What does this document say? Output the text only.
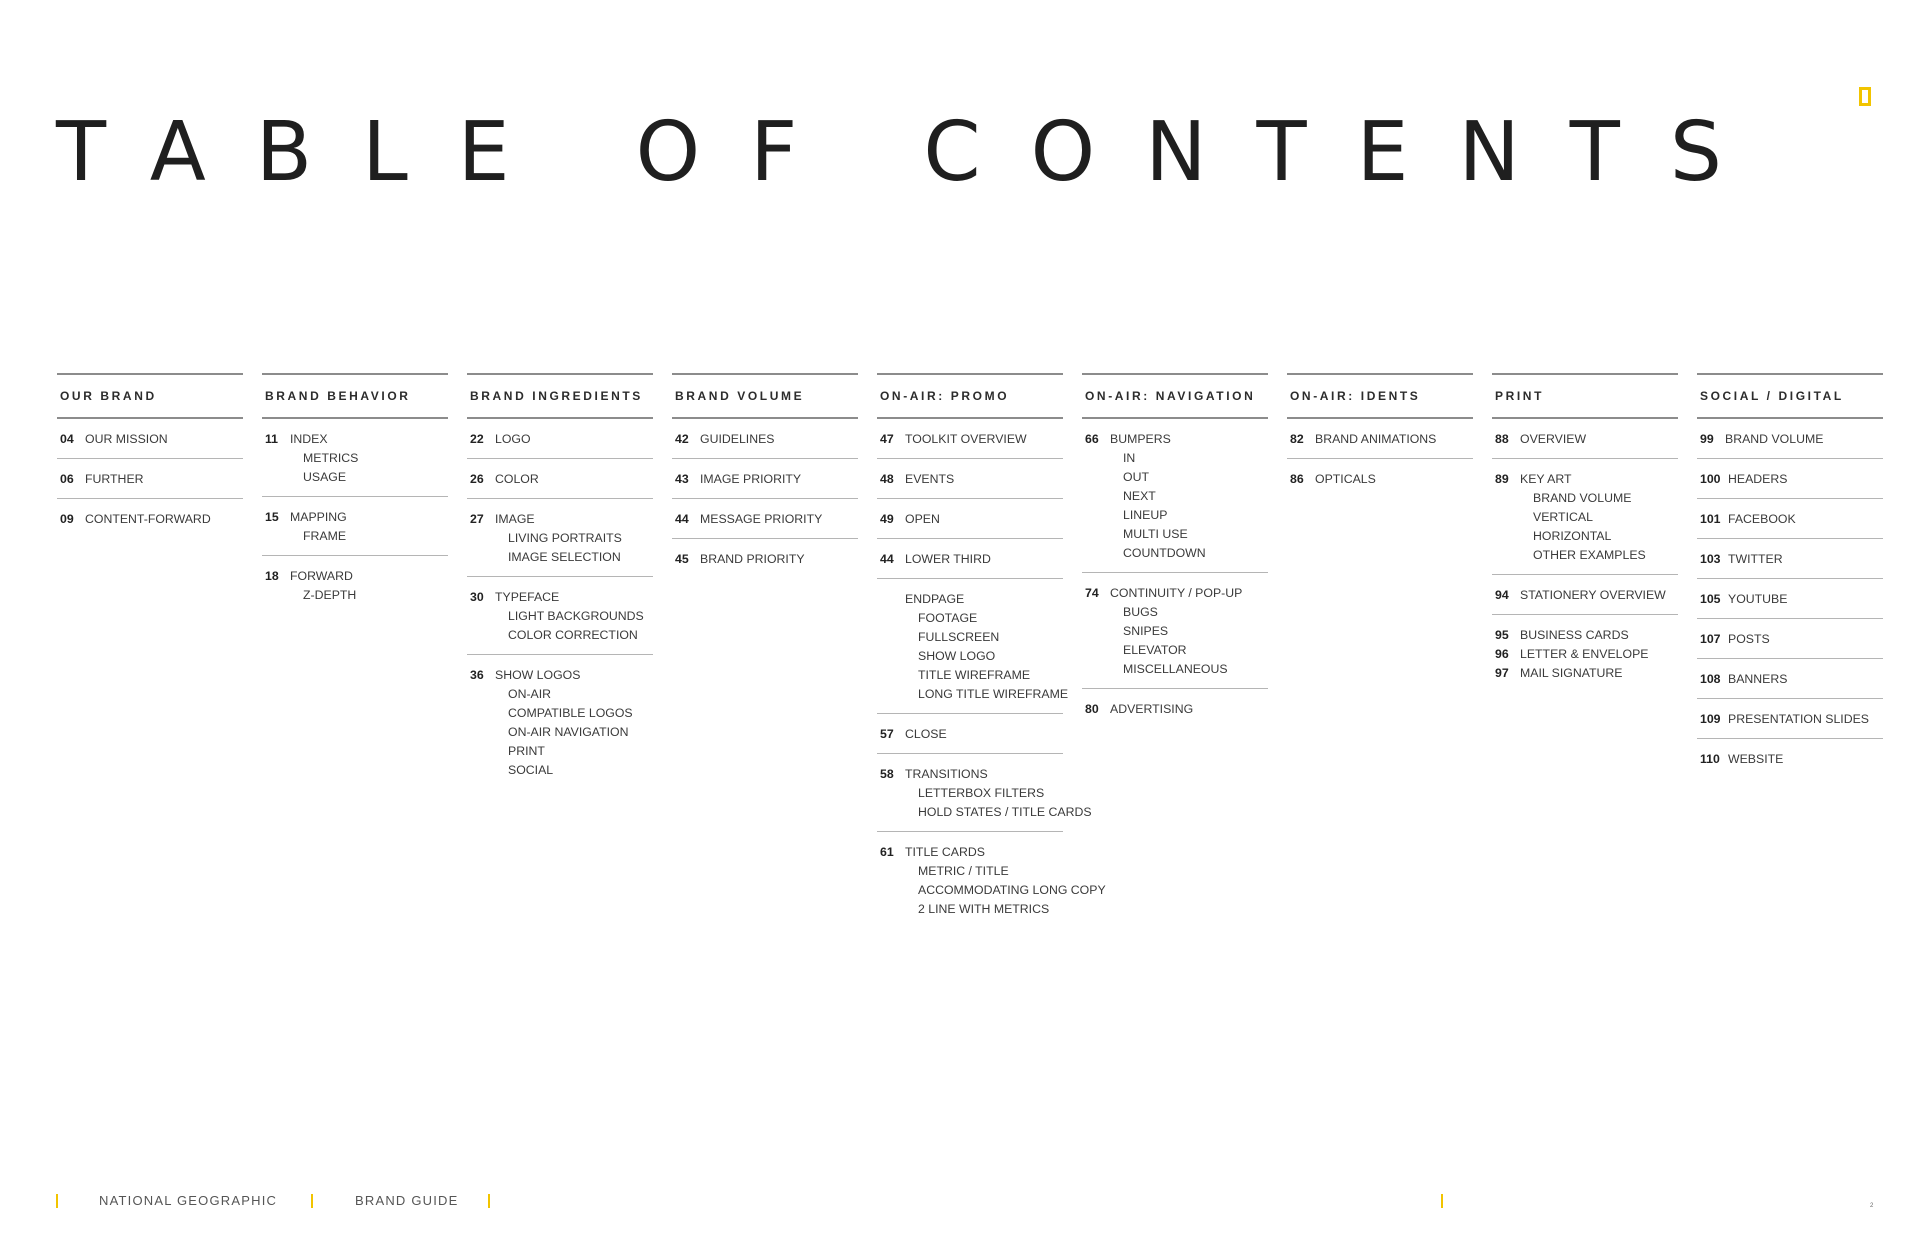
TABLE OF CONTENTS
OUR BRAND
04 OUR MISSION
06 FURTHER
09 CONTENT-FORWARD
BRAND BEHAVIOR
11 INDEX
METRICS
USAGE
15 MAPPING
FRAME
18 FORWARD
Z-DEPTH
BRAND INGREDIENTS
22 LOGO
26 COLOR
27 IMAGE
LIVING PORTRAITS
IMAGE SELECTION
30 TYPEFACE
LIGHT BACKGROUNDS
COLOR CORRECTION
36 SHOW LOGOS
ON-AIR
COMPATIBLE LOGOS
ON-AIR NAVIGATION
PRINT
SOCIAL
BRAND VOLUME
42 GUIDELINES
43 IMAGE PRIORITY
44 MESSAGE PRIORITY
45 BRAND PRIORITY
ON-AIR: PROMO
47 TOOLKIT OVERVIEW
48 EVENTS
49 OPEN
44 LOWER THIRD
ENDPAGE
FOOTAGE
FULLSCREEN
SHOW LOGO
TITLE WIREFRAME
LONG TITLE WIREFRAME
57 CLOSE
58 TRANSITIONS
LETTERBOX FILTERS
HOLD STATES / TITLE CARDS
61 TITLE CARDS
METRIC / TITLE
ACCOMMODATING LONG COPY
2 LINE WITH METRICS
ON-AIR: NAVIGATION
66 BUMPERS
IN
OUT
NEXT
LINEUP
MULTI USE
COUNTDOWN
74 CONTINUITY / POP-UP
BUGS
SNIPES
ELEVATOR
MISCELLANEOUS
80 ADVERTISING
ON-AIR: IDENTS
82 BRAND ANIMATIONS
86 OPTICALS
PRINT
88 OVERVIEW
89 KEY ART
BRAND VOLUME
VERTICAL
HORIZONTAL
OTHER EXAMPLES
94 STATIONERY OVERVIEW
95 BUSINESS CARDS
96 LETTER & ENVELOPE
97 MAIL SIGNATURE
SOCIAL / DIGITAL
99 BRAND VOLUME
100 HEADERS
101 FACEBOOK
103 TWITTER
105 YOUTUBE
107 POSTS
108 BANNERS
109 PRESENTATION SLIDES
110 WEBSITE
NATIONAL GEOGRAPHIC	BRAND GUIDE	2
